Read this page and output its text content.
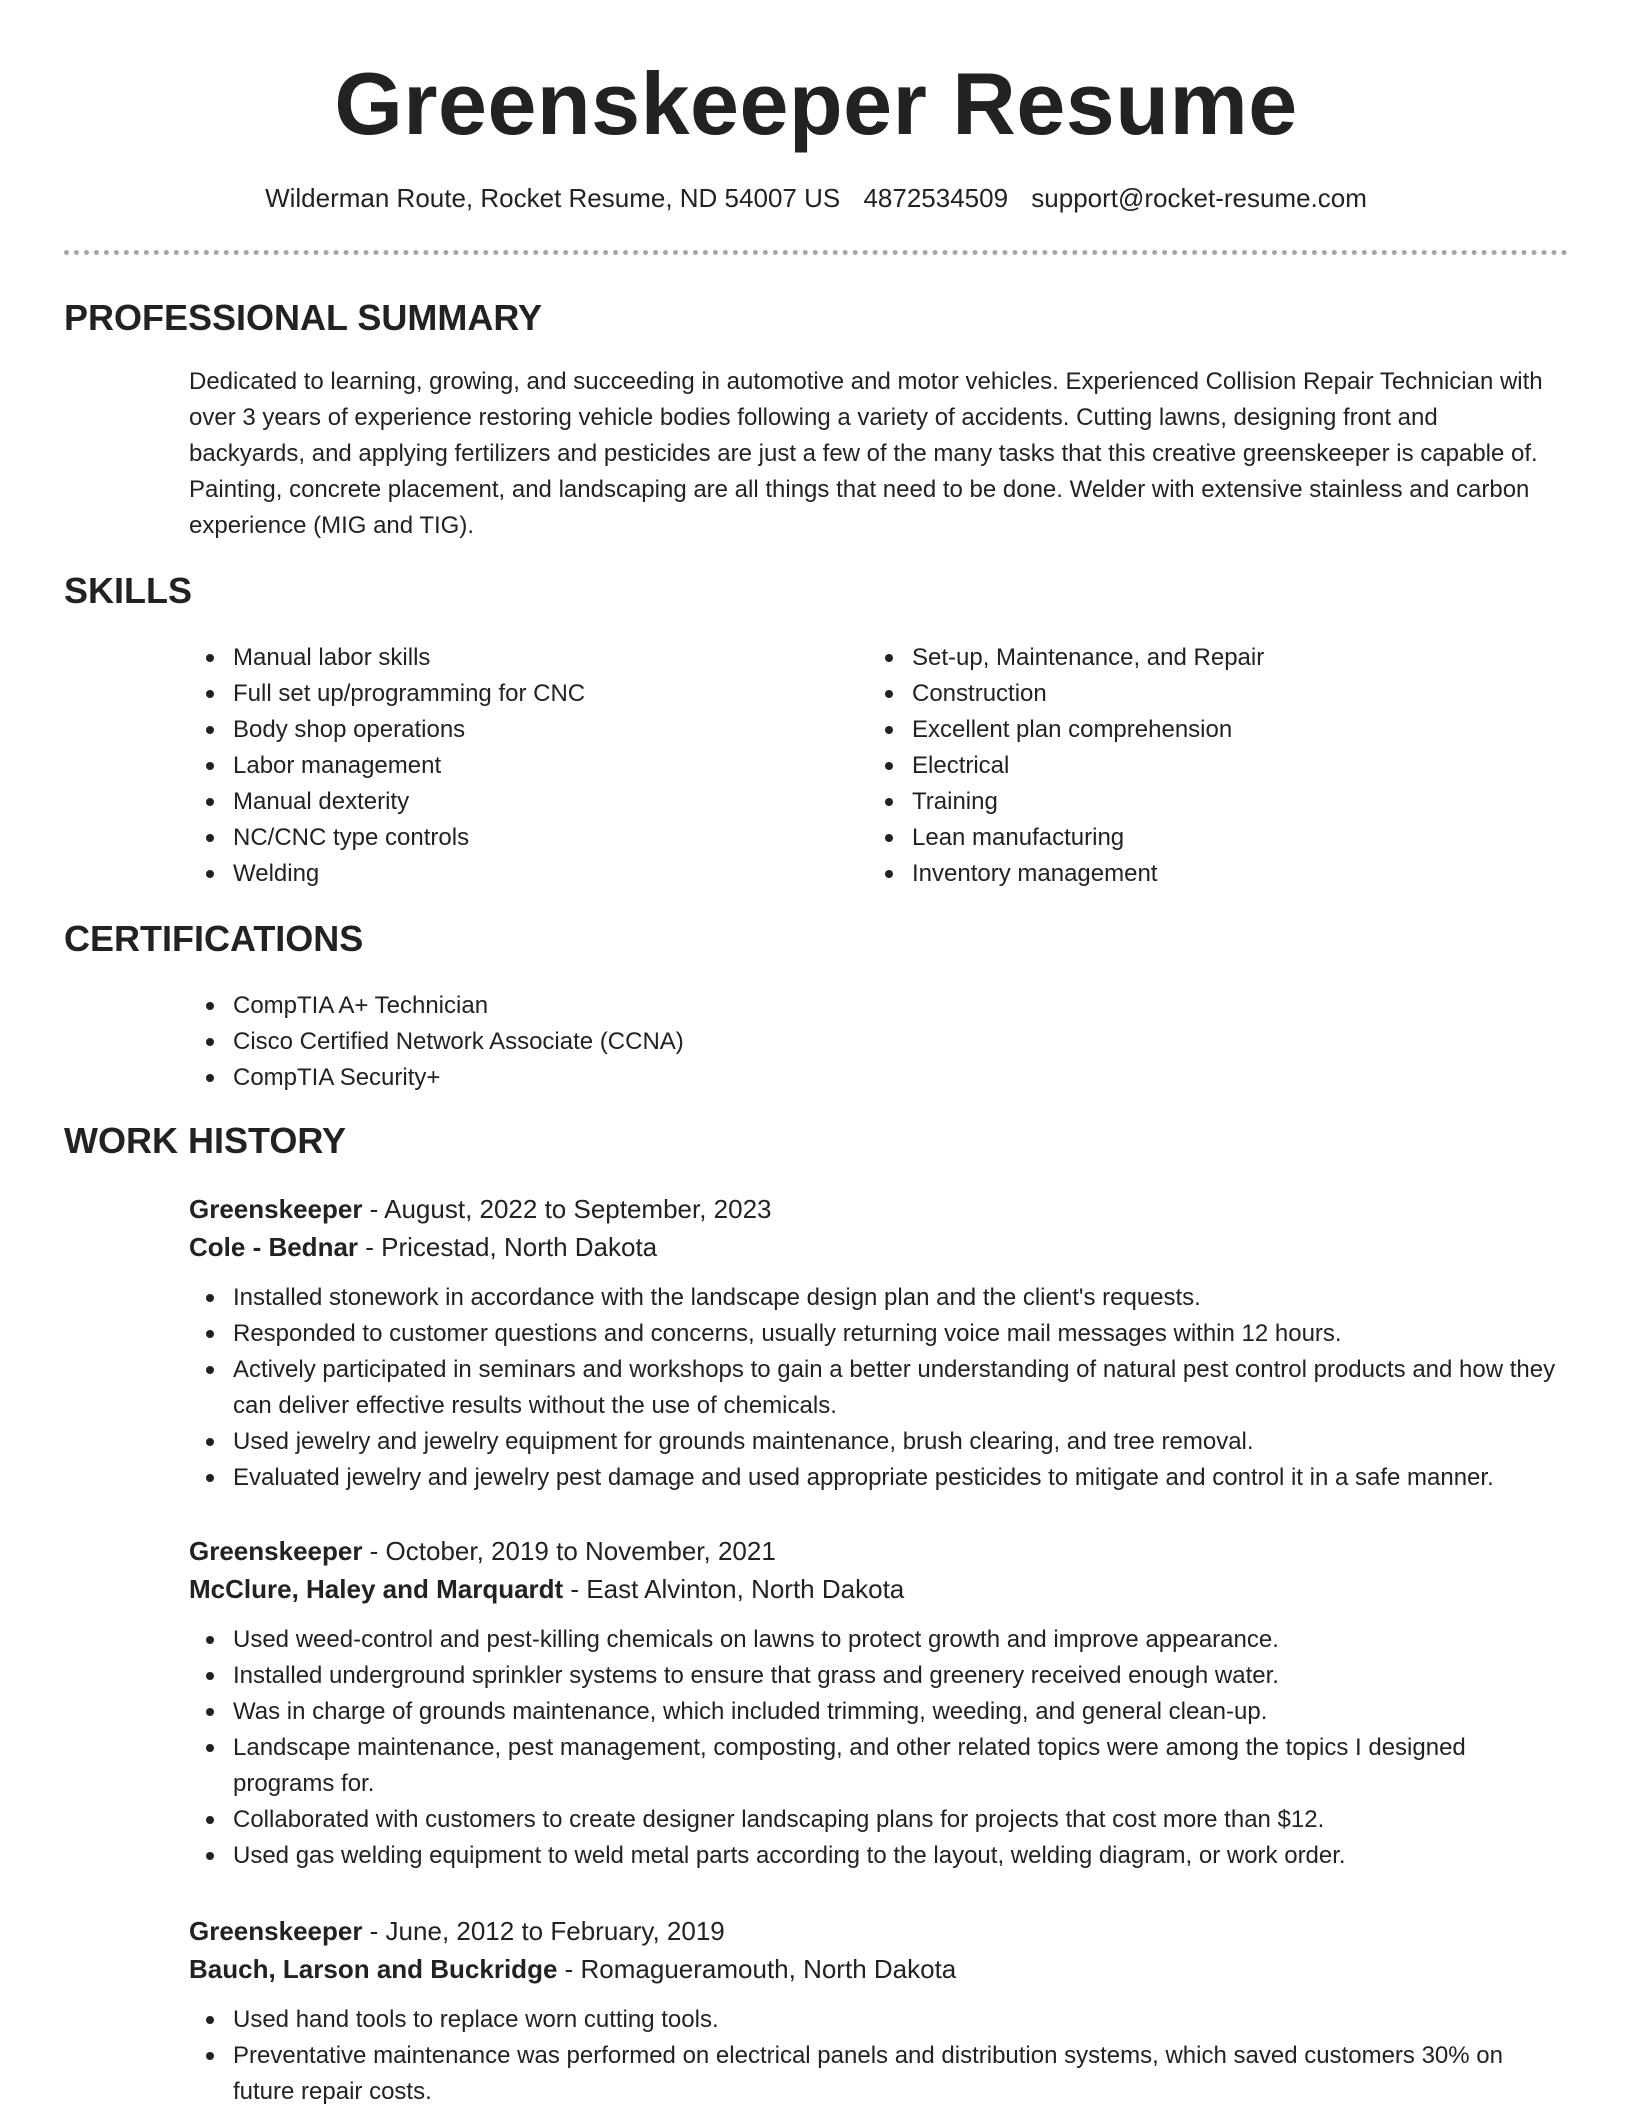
Greenskeeper Resume
Wilderman Route, Rocket Resume, ND 54007 US 4872534509 support@rocket-resume.com
PROFESSIONAL SUMMARY

Dedicated to learning, growing, and succeeding in automotive and motor vehicles. Experienced Collision Repair Technician with over 3 years of experience restoring vehicle bodies following a variety of accidents. Cutting lawns, designing front and backyards, and applying fertilizers and pesticides are just a few of the many tasks that this creative greenskeeper is capable of. Painting, concrete placement, and landscaping are all things that need to be done. Welder with extensive stainless and carbon experience (MIG and TIG).

SKILLS
Manual labor skills
Full set up/programming for CNC
Body shop operations
Labor management
Manual dexterity
NC/CNC type controls
Welding
Set-up, Maintenance, and Repair
Construction
Excellent plan comprehension
Electrical
Training
Lean manufacturing
Inventory management
CERTIFICATIONS
CompTIA A+ Technician
Cisco Certified Network Associate (CCNA)
CompTIA Security+
WORK HISTORY
Greenskeeper - August, 2022 to September, 2023
Cole - Bednar - Pricestad, North Dakota
Installed stonework in accordance with the landscape design plan and the client's requests.
Responded to customer questions and concerns, usually returning voice mail messages within 12 hours.
Actively participated in seminars and workshops to gain a better understanding of natural pest control products and how they can deliver effective results without the use of chemicals.
Used jewelry and jewelry equipment for grounds maintenance, brush clearing, and tree removal.
Evaluated jewelry and jewelry pest damage and used appropriate pesticides to mitigate and control it in a safe manner.
Greenskeeper - October, 2019 to November, 2021
McClure, Haley and Marquardt - East Alvinton, North Dakota
Used weed-control and pest-killing chemicals on lawns to protect growth and improve appearance.
Installed underground sprinkler systems to ensure that grass and greenery received enough water.
Was in charge of grounds maintenance, which included trimming, weeding, and general clean-up.
Landscape maintenance, pest management, composting, and other related topics were among the topics I designed programs for.
Collaborated with customers to create designer landscaping plans for projects that cost more than $12.
Used gas welding equipment to weld metal parts according to the layout, welding diagram, or work order.
Greenskeeper - June, 2012 to February, 2019
Bauch, Larson and Buckridge - Romagueramouth, North Dakota
Used hand tools to replace worn cutting tools.
Preventative maintenance was performed on electrical panels and distribution systems, which saved customers 30% on future repair costs.
